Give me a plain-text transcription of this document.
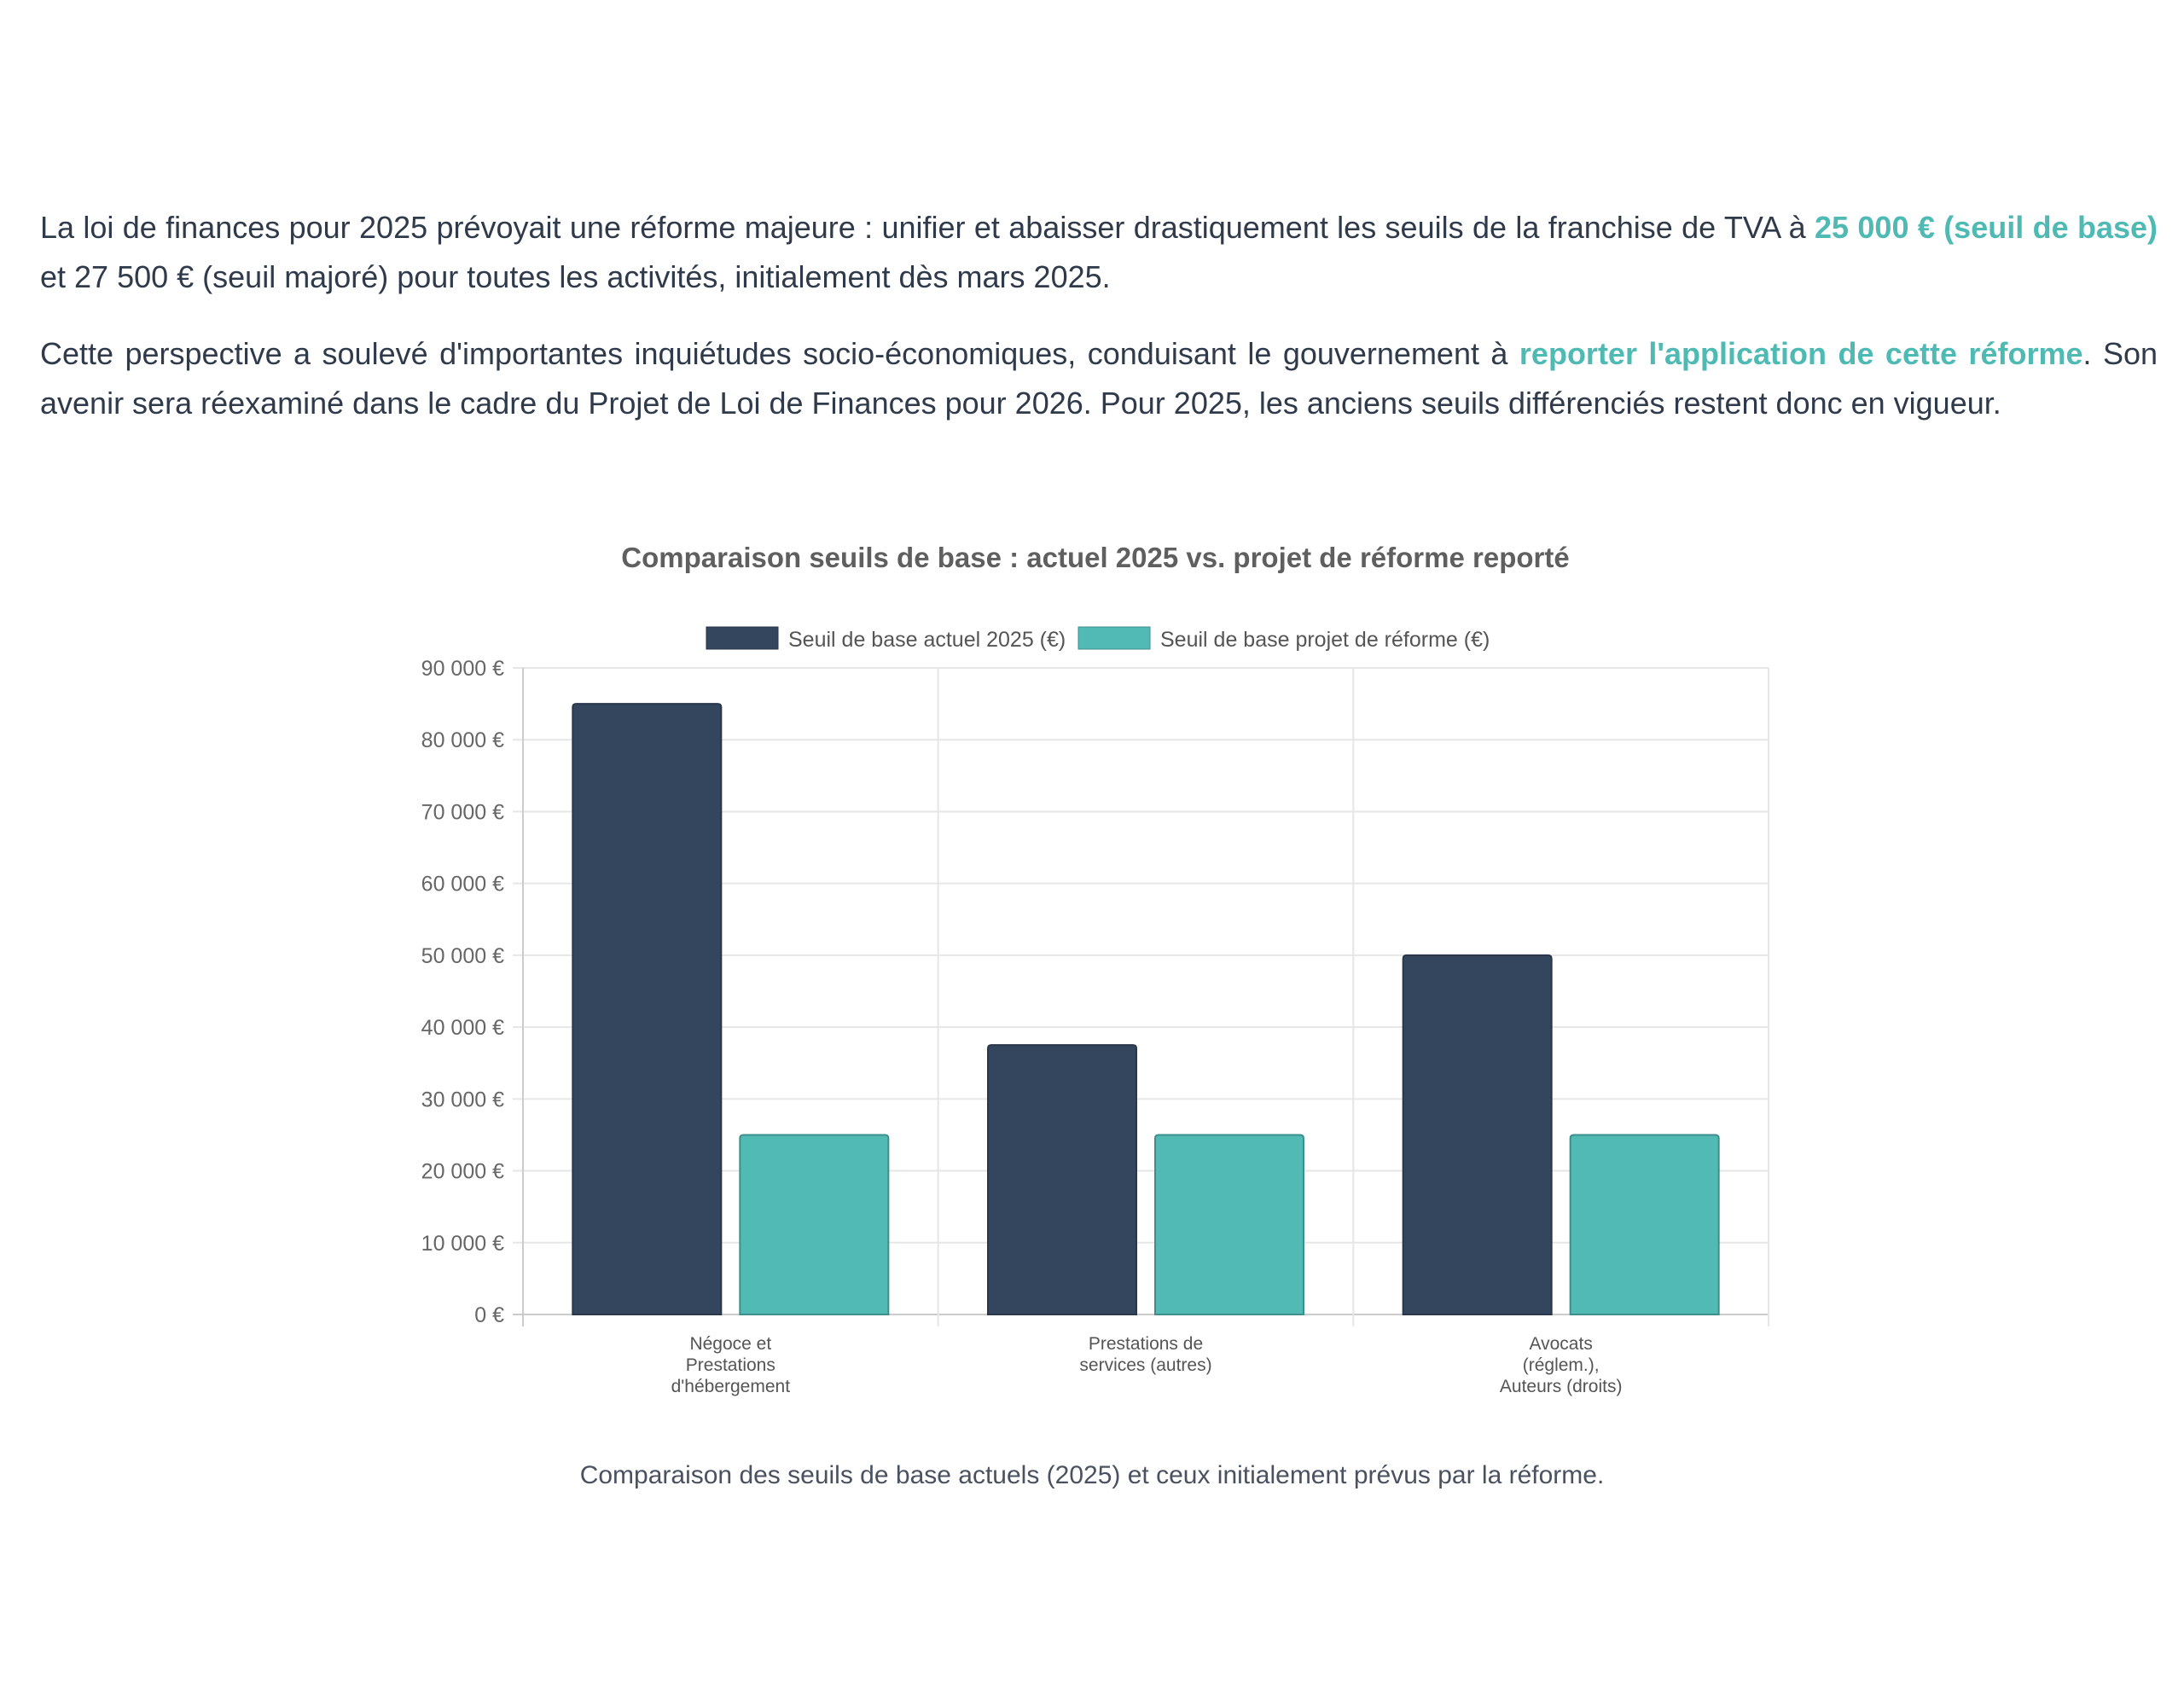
La loi de finances pour 2025 prévoyait une réforme majeure : unifier et abaisser drastiquement les seuils de la franchise de TVA à 25 000 € (seuil de base) et 27 500 € (seuil majoré) pour toutes les activités, initialement dès mars 2025.

Cette perspective a soulevé d'importantes inquiétudes socio-économiques, conduisant le gouvernement à reporter l'application de cette réforme. Son avenir sera réexaminé dans le cadre du Projet de Loi de Finances pour 2026. Pour 2025, les anciens seuils différenciés restent donc en vigueur.

Comparaison seuils de base : actuel 2025 vs. projet de réforme reporté
Seuil de base actuel 2025 (€)	Seuil de base projet de réforme (€)
0 €
10 000 €
20 000 €
30 000 €
40 000 €
50 000 €
60 000 €
70 000 €
80 000 €
90 000 €
Négoce et Prestations d'hébergement
Prestations de services (autres)
Avocats (réglem.), Auteurs (droits)
Comparaison des seuils de base actuels (2025) et ceux initialement prévus par la réforme.
